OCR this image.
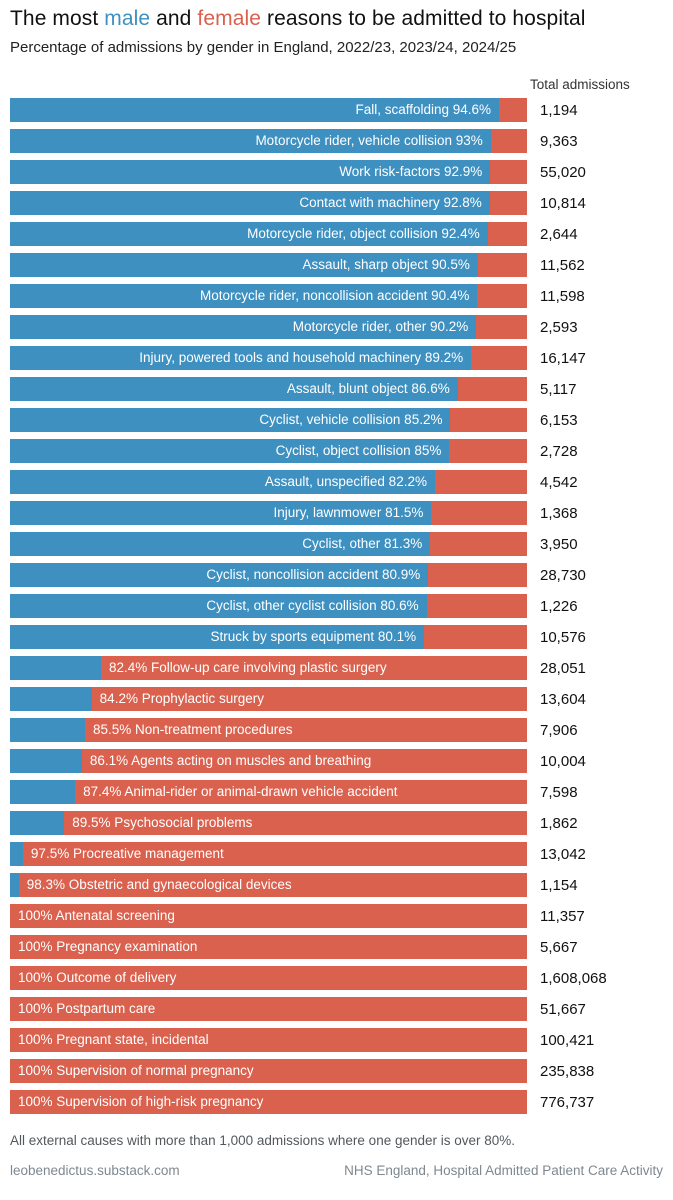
The most male and female reasons to be admitted to hospital
Percentage of admissions by gender in England, 2022/23, 2023/24, 2024/25
Total admissions
Fall, scaffolding 94.6%	1,194
Motorcycle rider, vehicle collision 93%	9,363
Work risk-factors 92.9%	55,020
Contact with machinery 92.8%	10,814
Motorcycle rider, object collision 92.4%	2,644
Assault, sharp object 90.5%	11,562
Motorcycle rider, noncollision accident 90.4%	11,598
Motorcycle rider, other 90.2%	2,593
Injury, powered tools and household machinery 89.2%	16,147
Assault, blunt object 86.6%	5,117
Cyclist, vehicle collision 85.2%	6,153
Cyclist, object collision 85%	2,728
Assault, unspecified 82.2%	4,542
Injury, lawnmower 81.5%	1,368
Cyclist, other 81.3%	3,950
Cyclist, noncollision accident 80.9%	28,730
Cyclist, other cyclist collision 80.6%	1,226
Struck by sports equipment 80.1%	10,576
82.4% Follow-up care involving plastic surgery	28,051
84.2% Prophylactic surgery	13,604
85.5% Non-treatment procedures	7,906
86.1% Agents acting on muscles and breathing	10,004
87.4% Animal-rider or animal-drawn vehicle accident	7,598
89.5% Psychosocial problems	1,862
97.5% Procreative management	13,042
98.3% Obstetric and gynaecological devices	1,154
100% Antenatal screening	11,357
100% Pregnancy examination	5,667
100% Outcome of delivery	1,608,068
100% Postpartum care	51,667
100% Pregnant state, incidental	100,421
100% Supervision of normal pregnancy	235,838
100% Supervision of high-risk pregnancy	776,737
All external causes with more than 1,000 admissions where one gender is over 80%.
leobenedictus.substack.com	NHS England, Hospital Admitted Patient Care Activity
